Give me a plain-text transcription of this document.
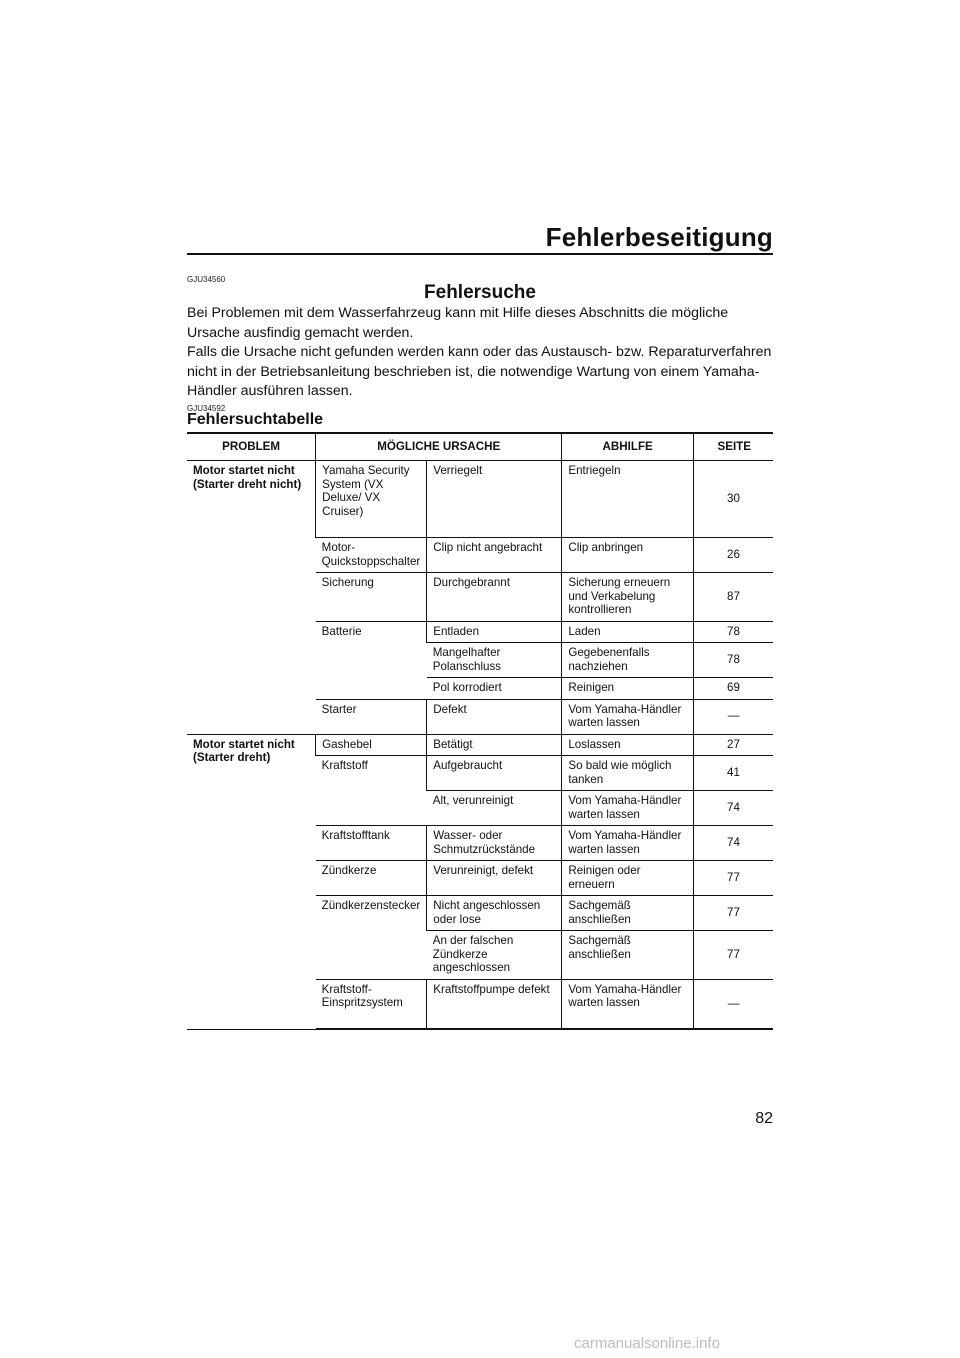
Fehlerbeseitigung
GJU34560
Fehlersuche

Bei Problemen mit dem Wasserfahrzeug kann mit Hilfe dieses Abschnitts die mögliche Ursache ausfindig gemacht werden.

Falls die Ursache nicht gefunden werden kann oder das Austausch- bzw. Reparaturverfahren nicht in der Betriebsanleitung beschrieben ist, die notwendige Wartung von einem Yamaha-Händler ausführen lassen.

GJU34592
Fehlersuchtabelle
PROBLEM	MÖGLICHE URSACHE		ABHILFE	SEITE
Motor startet nicht (Starter dreht nicht)	Yamaha Security System (VX Deluxe/ VX Cruiser)	Verriegelt	Entriegeln	30
	Motor-Quickstoppschalter	Clip nicht angebracht	Clip anbringen	26
	Sicherung	Durchgebrannt	Sicherung erneuern und Verkabelung kontrollieren	87
	Batterie	Entladen	Laden	78
		Mangelhafter Polanschluss	Gegebenenfalls nachziehen	78
		Pol korrodiert	Reinigen	69
	Starter	Defekt	Vom Yamaha-Händler warten lassen	—
Motor startet nicht (Starter dreht)	Gashebel	Betätigt	Loslassen	27
	Kraftstoff	Aufgebraucht	So bald wie möglich tanken	41
		Alt, verunreinigt	Vom Yamaha-Händler warten lassen	74
	Kraftstofftank	Wasser- oder Schmutzrückstände	Vom Yamaha-Händler warten lassen	74
	Zündkerze	Verunreinigt, defekt	Reinigen oder erneuern	77
	Zündkerzenstecker	Nicht angeschlossen oder lose	Sachgemäß anschließen	77
		An der falschen Zündkerze angeschlossen	Sachgemäß anschließen	77
	Kraftstoff-Einspritzsystem	Kraftstoffpumpe defekt	Vom Yamaha-Händler warten lassen	—
82
carmanualsonline.info
